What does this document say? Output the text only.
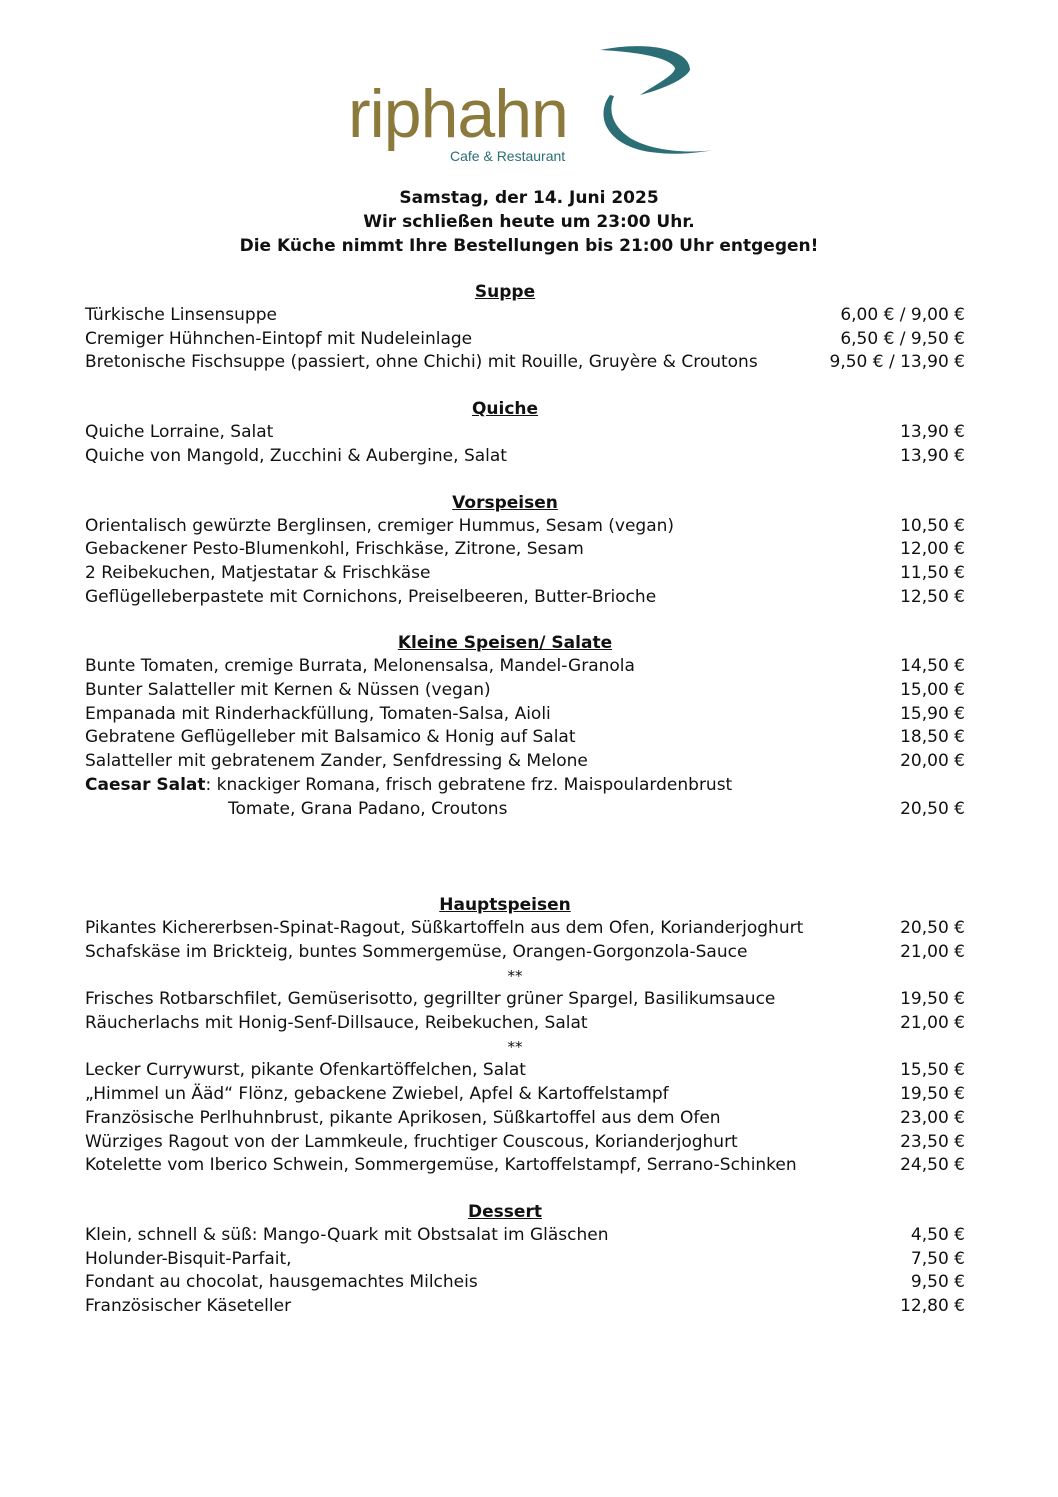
riphahn
Cafe & Restaurant
Samstag, der 14. Juni 2025
Wir schließen heute um 23:00 Uhr.
Die Küche nimmt Ihre Bestellungen bis 21:00 Uhr entgegen!
Suppe
Türkische Linsensuppe	6,00 € / 9,00 €
Cremiger Hühnchen-Eintopf mit Nudeleinlage	6,50 € / 9,50 €
Bretonische Fischsuppe (passiert, ohne Chichi) mit Rouille, Gruyère & Croutons	9,50 € / 13,90 €
Quiche
Quiche Lorraine, Salat	13,90 €
Quiche von Mangold, Zucchini & Aubergine, Salat	13,90 €
Vorspeisen
Orientalisch gewürzte Berglinsen, cremiger Hummus, Sesam (vegan)	10,50 €
Gebackener Pesto-Blumenkohl, Frischkäse, Zitrone, Sesam	12,00 €
2 Reibekuchen, Matjestatar & Frischkäse	11,50 €
Geflügelleberpastete mit Cornichons, Preiselbeeren, Butter-Brioche	12,50 €
Kleine Speisen/ Salate
Bunte Tomaten, cremige Burrata, Melonensalsa, Mandel-Granola	14,50 €
Bunter Salatteller mit Kernen & Nüssen (vegan)	15,00 €
Empanada mit Rinderhackfüllung, Tomaten-Salsa, Aioli	15,90 €
Gebratene Geflügelleber mit Balsamico & Honig auf Salat	18,50 €
Salatteller mit gebratenem Zander, Senfdressing & Melone	20,00 €
Caesar Salat: knackiger Romana, frisch gebratene frz. Maispoulardenbrust
Tomate, Grana Padano, Croutons	20,50 €
Hauptspeisen
Pikantes Kichererbsen-Spinat-Ragout, Süßkartoffeln aus dem Ofen, Korianderjoghurt	20,50 €
Schafskäse im Brickteig, buntes Sommergemüse, Orangen-Gorgonzola-Sauce	21,00 €
**
Frisches Rotbarschfilet, Gemüserisotto, gegrillter grüner Spargel, Basilikumsauce	19,50 €
Räucherlachs mit Honig-Senf-Dillsauce, Reibekuchen, Salat	21,00 €
**
Lecker Currywurst, pikante Ofenkartöffelchen, Salat	15,50 €
„Himmel un Ääd“ Flönz, gebackene Zwiebel, Apfel & Kartoffelstampf	19,50 €
Französische Perlhuhnbrust, pikante Aprikosen, Süßkartoffel aus dem Ofen	23,00 €
Würziges Ragout von der Lammkeule, fruchtiger Couscous, Korianderjoghurt	23,50 €
Kotelette vom Iberico Schwein, Sommergemüse, Kartoffelstampf, Serrano-Schinken	24,50 €
Dessert
Klein, schnell & süß: Mango-Quark mit Obstsalat im Gläschen	4,50 €
Holunder-Bisquit-Parfait,	7,50 €
Fondant au chocolat, hausgemachtes Milcheis	9,50 €
Französischer Käseteller	12,80 €
